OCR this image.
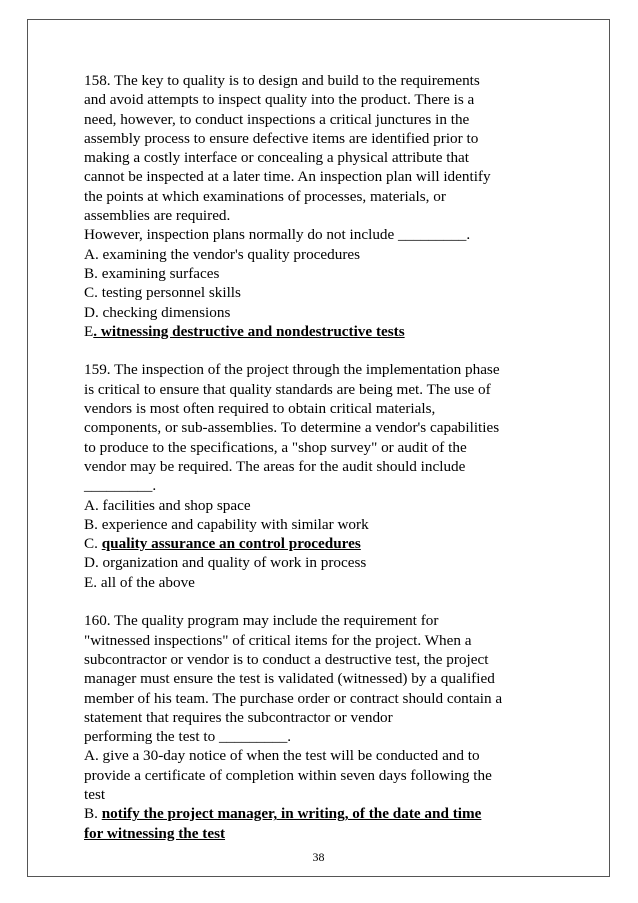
158. The key to quality is to design and build to the requirements
and avoid attempts to inspect quality into the product. There is a
need, however, to conduct inspections a critical junctures in the
assembly process to ensure defective items are identified prior to
making a costly interface or concealing a physical attribute that
cannot be inspected at a later time. An inspection plan will identify
the points at which examinations of processes, materials, or
assemblies are required.
However, inspection plans normally do not include _________.
A. examining the vendor's quality procedures
B. examining surfaces
C. testing personnel skills
D. checking dimensions
E. witnessing destructive and nondestructive tests
159. The inspection of the project through the implementation phase
is critical to ensure that quality standards are being met. The use of
vendors is most often required to obtain critical materials,
components, or sub-assemblies. To determine a vendor's capabilities
to produce to the specifications, a "shop survey" or audit of the
vendor may be required. The areas for the audit should include
_________.
A. facilities and shop space
B. experience and capability with similar work
C. quality assurance an control procedures
D. organization and quality of work in process
E. all of the above
160. The quality program may include the requirement for
"witnessed inspections" of critical items for the project. When a
subcontractor or vendor is to conduct a destructive test, the project
manager must ensure the test is validated (witnessed) by a qualified
member of his team. The purchase order or contract should contain a
statement that requires the subcontractor or vendor
performing the test to _________.
A. give a 30-day notice of when the test will be conducted and to
provide a certificate of completion within seven days following the
test
B. notify the project manager, in writing, of the date and time
for witnessing the test
38
